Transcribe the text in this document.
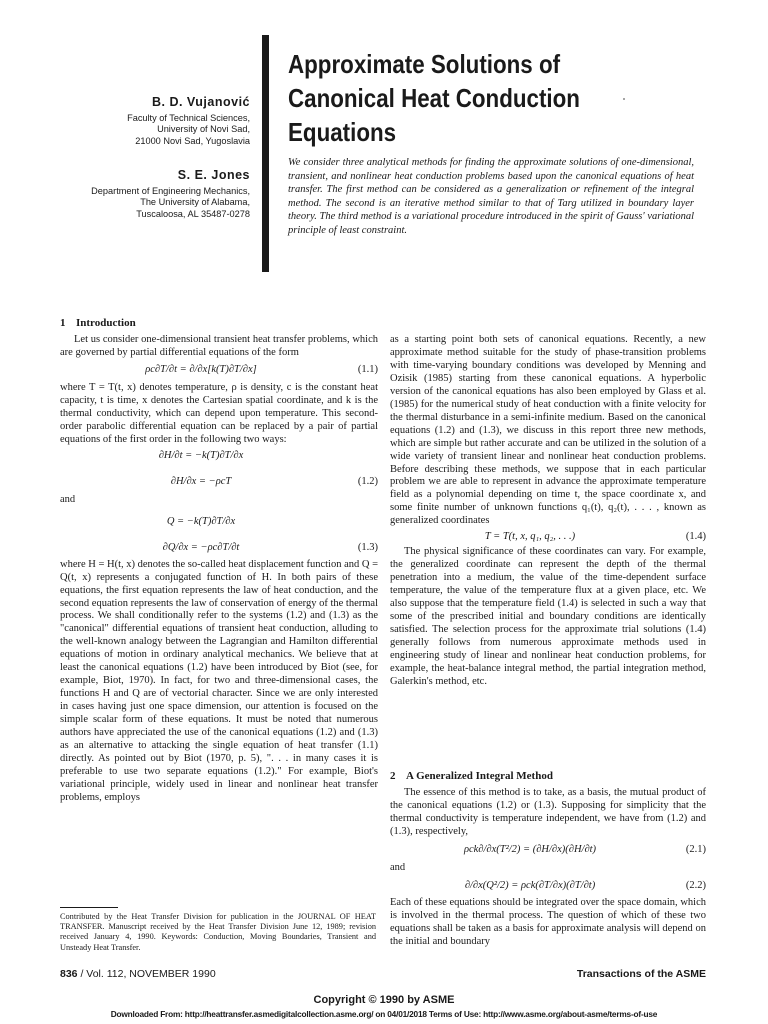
B. D. Vujanović
Faculty of Technical Sciences,
University of Novi Sad,
21000 Novi Sad, Yugoslavia
S. E. Jones
Department of Engineering Mechanics,
The University of Alabama,
Tuscaloosa, AL 35487-0278
Approximate Solutions of
Canonical Heat Conduction
Equations
We consider three analytical methods for finding the approximate solutions of one-dimensional, transient, and nonlinear heat conduction problems based upon the canonical equations of heat transfer. The first method can be considered as a generalization or refinement of the integral method. The second is an iterative method similar to that of Targ utilized in boundary layer theory. The third method is a variational procedure introduced in the spirit of Gauss' variational principle of least constraint.
1 Introduction

Let us consider one-dimensional transient heat transfer problems, which are governed by partial differential equations of the form

ρc∂T/∂t = ∂/∂x[k(T)∂T/∂x]	(1.1)

where T = T(t, x) denotes temperature, ρ is density, c is the constant heat capacity, t is time, x denotes the Cartesian spatial coordinate, and k is the thermal conductivity, which can depend upon temperature. This second-order parabolic differential equation can be replaced by a pair of partial equations of the first order in the following two ways:

∂H/∂t = −k(T)∂T/∂x
∂H/∂x = −ρcT	(1.2)
and
Q = −k(T)∂T/∂x
∂Q/∂x = −ρc∂T/∂t	(1.3)

where H = H(t, x) denotes the so-called heat displacement function and Q = Q(t, x) represents a conjugated function of H. In both pairs of these equations, the first equation represents the law of heat conduction, and the second equation represents the law of conservation of energy of the thermal process. We shall conditionally refer to the systems (1.2) and (1.3) as the "canonical" differential equations of transient heat conduction, alluding to the well-known analogy between the Lagrangian and Hamilton differential equations of motion in ordinary analytical mechanics. We believe that at least the canonical equations (1.2) have been introduced by Biot (see, for example, Biot, 1970). In fact, for two and three-dimensional cases, the functions H and Q are of vectorial character. Since we are only interested in cases having just one space dimension, our attention is focused on the simple scalar form of these equations. It must be noted that numerous authors have appreciated the use of the canonical equations (1.2) and (1.3) as an alternative to attacking the single equation of heat transfer (1.1) directly. As pointed out by Biot (1970, p. 5), ". . . in many cases it is preferable to use two separate equations (1.2)." For example, Biot's variational principle, widely used in linear and nonlinear heat transfer problems, employs

as a starting point both sets of canonical equations. Recently, a new approximate method suitable for the study of phase-transition problems with time-varying boundary conditions was developed by Menning and Ozisik (1985) starting from these canonical equations. A hyperbolic version of the canonical equations has also been employed by Glass et al. (1985) for the numerical study of heat conduction with a finite velocity for the thermal disturbance in a semi-infinite medium. Based on the canonical equations (1.2) and (1.3), we discuss in this report three new methods, which are simple but rather accurate and can be utilized in the solution of a wide variety of transient linear and nonlinear heat conduction problems. Before describing these methods, we suppose that in each particular problem we are able to represent in advance the approximate temperature field as a polynomial depending on time t, the space coordinate x, and some finite number of unknown functions q₁(t), q₂(t), . . . , known as generalized coordinates

T = T(t, x, q₁, q₂, . . .)	(1.4)

The physical significance of these coordinates can vary. For example, the generalized coordinate can represent the depth of the thermal penetration into a medium, the value of the time-dependent surface temperature, the value of the temperature flux at a given place, etc. We also suppose that the temperature field (1.4) is selected in such a way that some of the prescribed initial and boundary conditions are identically satisfied. The selection process for the approximate trial solutions (1.4) generally follows from numerous approximate methods used in engineering study of linear and nonlinear heat conduction problems, for example, the heat-balance integral method, the partial integration method, Galerkin's method, etc.

2 A Generalized Integral Method

The essence of this method is to take, as a basis, the mutual product of the canonical equations (1.2) or (1.3). Supposing for simplicity that the thermal conductivity is temperature independent, we have from (1.2) and (1.3), respectively,

ρck∂/∂x(T²/2) = (∂H/∂x)(∂H/∂t)	(2.1)
and
∂/∂x(Q²/2) = ρck(∂T/∂x)(∂T/∂t)	(2.2)

Each of these equations should be integrated over the space domain, which is involved in the thermal process. The question of which of these two equations shall be taken as a basis for approximate analysis will depend on the initial and boundary

Contributed by the Heat Transfer Division for publication in the JOURNAL OF HEAT TRANSFER. Manuscript received by the Heat Transfer Division June 12, 1989; revision received January 4, 1990. Keywords: Conduction, Moving Boundaries, Transient and Unsteady Heat Transfer.
836 / Vol. 112, NOVEMBER 1990	Transactions of the ASME
Copyright © 1990 by ASME
Downloaded From: http://heattransfer.asmedigitalcollection.asme.org/ on 04/01/2018 Terms of Use: http://www.asme.org/about-asme/terms-of-use
